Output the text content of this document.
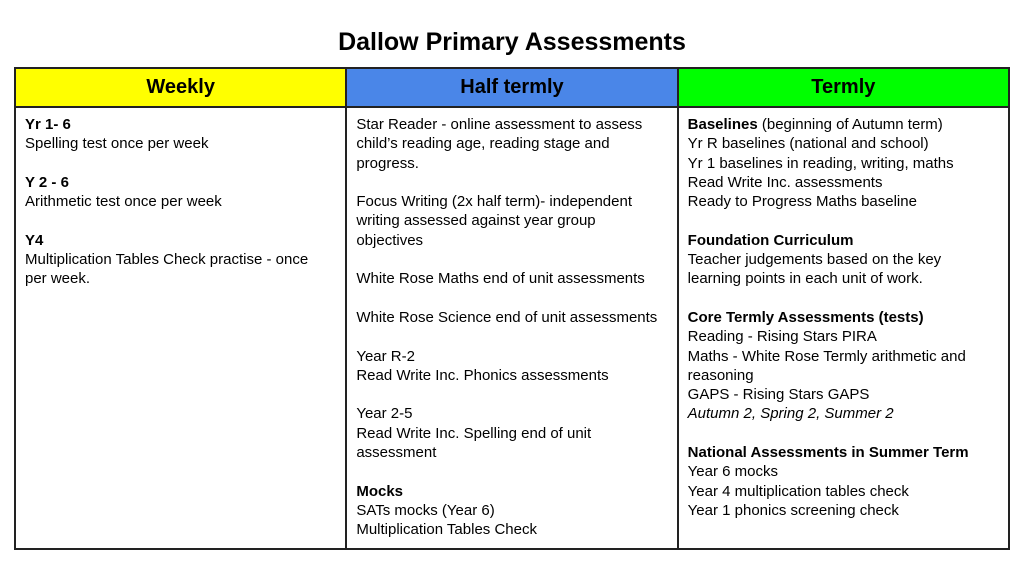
Dallow Primary Assessments
Weekly
Yr 1- 6
Spelling test once per week

Y 2 - 6
Arithmetic test once per week

Y4
Multiplication Tables Check practise - once
per week.
Half termly
Star Reader - online assessment to assess
child’s reading age, reading stage and
progress.

Focus Writing (2x half term)- independent
writing assessed against year group
objectives

White Rose Maths end of unit assessments

White Rose Science end of unit assessments

Year R-2
Read Write Inc. Phonics assessments

Year 2-5
Read Write Inc. Spelling end of unit
assessment

Mocks
SATs mocks (Year 6)
Multiplication Tables Check
Termly
Baselines (beginning of Autumn term)
Yr R baselines (national and school)
Yr 1 baselines in reading, writing, maths
Read Write Inc. assessments
Ready to Progress Maths baseline

Foundation Curriculum
Teacher judgements based on the key
learning points in each unit of work.

Core Termly Assessments (tests)
Reading - Rising Stars PIRA
Maths - White Rose Termly arithmetic and
reasoning
GAPS - Rising Stars GAPS
Autumn 2, Spring 2, Summer 2

National Assessments in Summer Term
Year 6 mocks
Year 4 multiplication tables check
Year 1 phonics screening check
